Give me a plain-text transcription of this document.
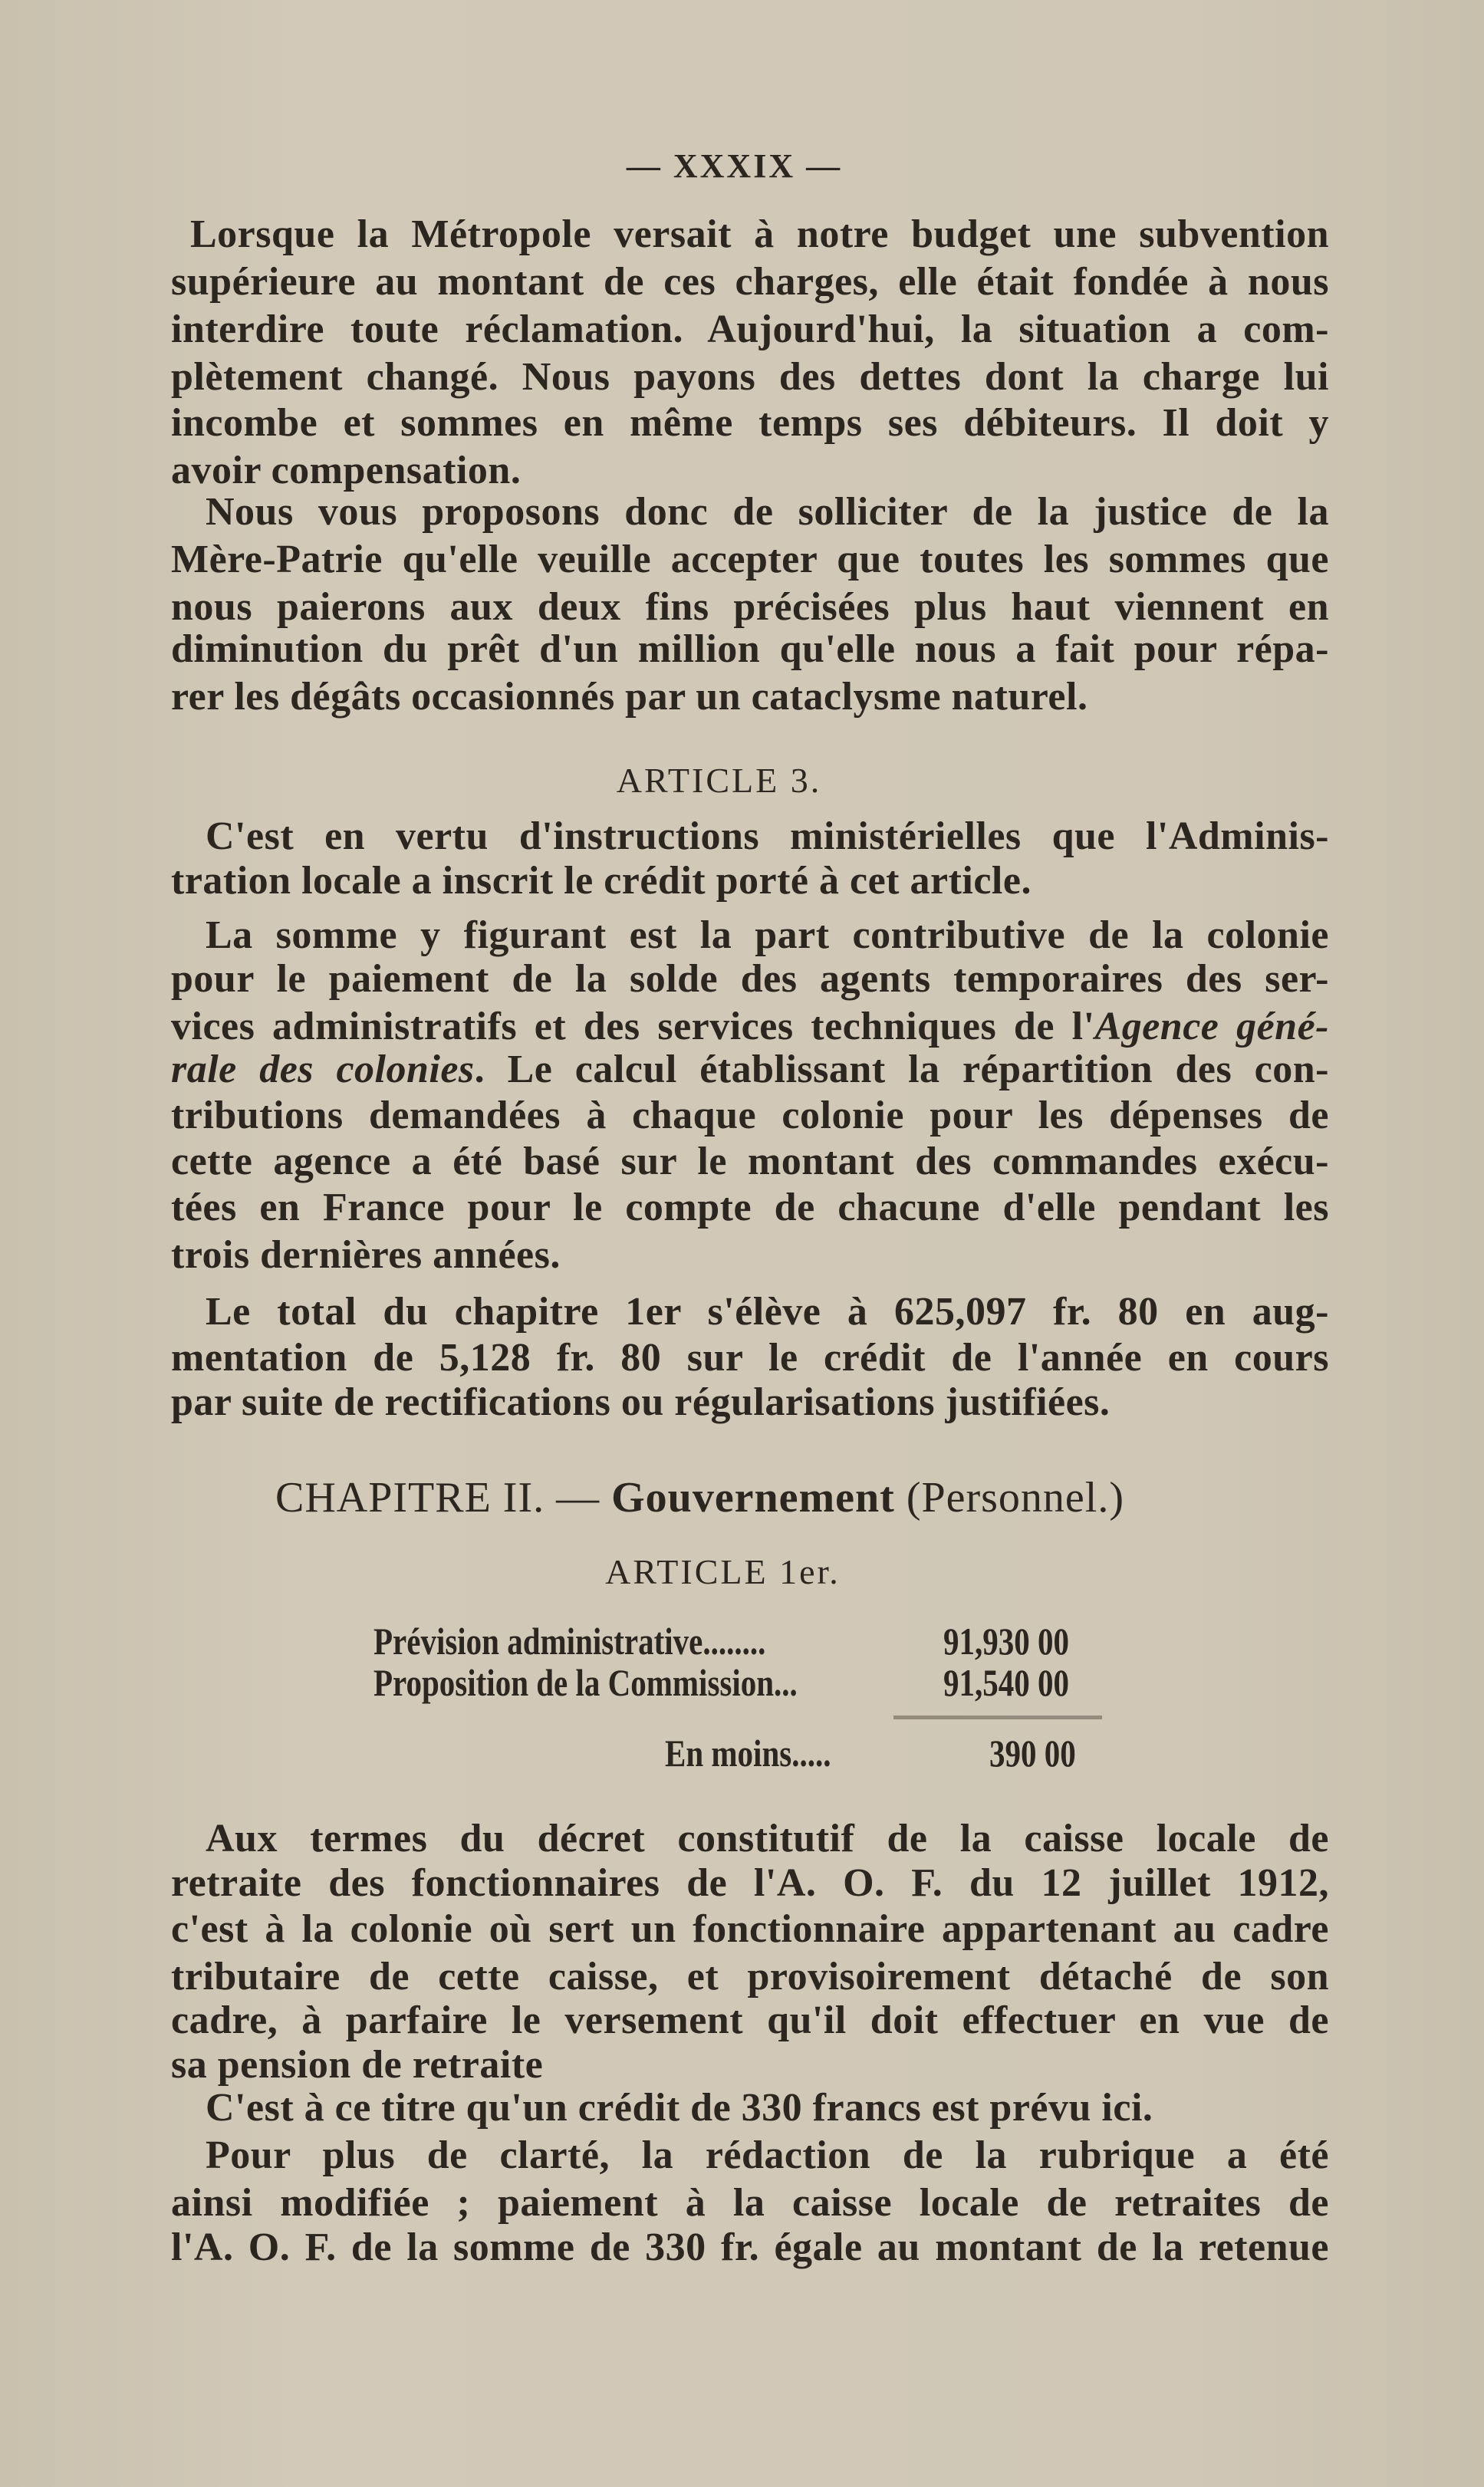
— XXXIX —
Lorsque la Métropole versait à notre budget une subvention
supérieure au montant de ces charges, elle était fondée à nous
interdire toute réclamation. Aujourd'hui, la situation a com-
plètement changé. Nous payons des dettes dont la charge lui
incombe et sommes en même temps ses débiteurs. Il doit y
avoir compensation.
Nous vous proposons donc de solliciter de la justice de la
Mère-Patrie qu'elle veuille accepter que toutes les sommes que
nous paierons aux deux fins précisées plus haut viennent en
diminution du prêt d'un million qu'elle nous a fait pour répa-
rer les dégâts occasionnés par un cataclysme naturel.
ARTICLE 3.
C'est en vertu d'instructions ministérielles que l'Adminis-
tration locale a inscrit le crédit porté à cet article.
La somme y figurant est la part contributive de la colonie
pour le paiement de la solde des agents temporaires des ser-
vices administratifs et des services techniques de l'Agence géné-
rale des colonies. Le calcul établissant la répartition des con-
tributions demandées à chaque colonie pour les dépenses de
cette agence a été basé sur le montant des commandes exécu-
tées en France pour le compte de chacune d'elle pendant les
trois dernières années.
Le total du chapitre 1er s'élève à 625,097 fr. 80 en aug-
mentation de 5,128 fr. 80 sur le crédit de l'année en cours
par suite de rectifications ou régularisations justifiées.
CHAPITRE II. — Gouvernement (Personnel.)
ARTICLE 1er.
Prévision administrative........	91,930 00
Proposition de la Commission...	91,540 00
En moins.....	390 00
Aux termes du décret constitutif de la caisse locale de
retraite des fonctionnaires de l'A. O. F. du 12 juillet 1912,
c'est à la colonie où sert un fonctionnaire appartenant au cadre
tributaire de cette caisse, et provisoirement détaché de son
cadre, à parfaire le versement qu'il doit effectuer en vue de
sa pension de retraite
C'est à ce titre qu'un crédit de 330 francs est prévu ici.
Pour plus de clarté, la rédaction de la rubrique a été
ainsi modifiée ; paiement à la caisse locale de retraites de
l'A. O. F. de la somme de 330 fr. égale au montant de la retenue
